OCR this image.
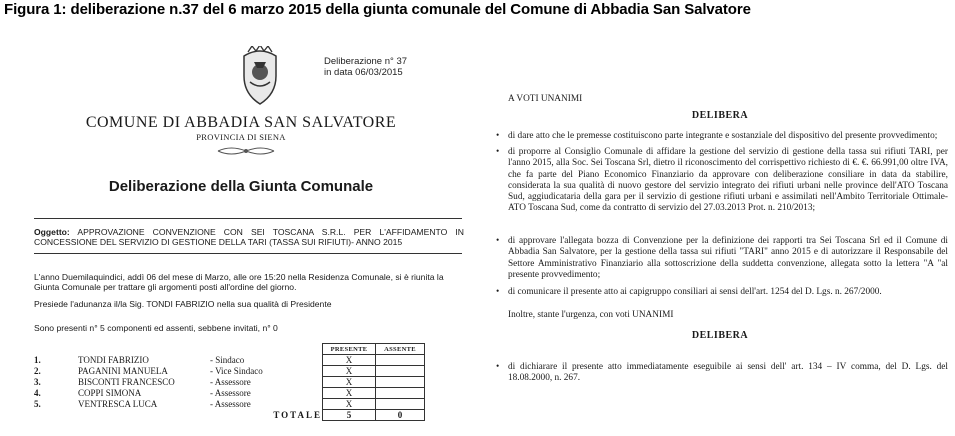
Figura 1: deliberazione n.37 del 6 marzo 2015 della giunta comunale del Comune di Abbadia San Salvatore
Deliberazione n° 37
in data 06/03/2015
COMUNE DI ABBADIA SAN SALVATORE
PROVINCIA DI SIENA
Deliberazione della Giunta Comunale
Oggetto: APPROVAZIONE CONVENZIONE CON SEI TOSCANA S.R.L. PER L'AFFIDAMENTO IN CONCESSIONE DEL SERVIZIO DI GESTIONE DELLA TARI (TASSA SUI RIFIUTI)- ANNO 2015
L'anno Duemilaquindici, addì 06 del mese di Marzo, alle ore 15:20 nella Residenza Comunale, si è riunita la Giunta Comunale per trattare gli argomenti posti all'ordine del giorno.
Presiede l'adunanza il/la Sig. TONDI FABRIZIO nella sua qualità di Presidente
Sono presenti n° 5 componenti ed assenti, sebbene invitati, n° 0
			PRESENTE	ASSENTE
1.	TONDI FABRIZIO	- Sindaco	X	
2.	PAGANINI MANUELA	- Vice Sindaco	X	
3.	BISCONTI FRANCESCO	- Assessore	X	
4.	COPPI SIMONA	- Assessore	X	
5.	VENTRESCA LUCA	- Assessore	X	
TOTALE			5	0
A VOTI UNANIMI
DELIBERA
• di dare atto che le premesse costituiscono parte integrante e sostanziale del dispositivo del presente provvedimento;
• di proporre al Consiglio Comunale di affidare la gestione del servizio di gestione della tassa sui rifiuti TARI, per l'anno 2015, alla Soc. Sei Toscana Srl, dietro il riconoscimento del corrispettivo richiesto di €. €. 66.991,00 oltre IVA, che fa parte del Piano Economico Finanziario da approvare con deliberazione consiliare in data da stabilire, considerata la sua qualità di nuovo gestore del servizio integrato dei rifiuti urbani nelle province dell'ATO Toscana Sud, aggiudicataria della gara per il servizio di gestione rifiuti urbani e assimilati nell'Ambito Territoriale Ottimale-ATO Toscana Sud, come da contratto di servizio del 27.03.2013 Prot. n. 210/2013;
• di approvare l'allegata bozza di Convenzione per la definizione dei rapporti tra Sei Toscana Srl ed il Comune di Abbadia San Salvatore, per la gestione della tassa sui rifiuti "TARI" anno 2015 e di autorizzare il Responsabile del Settore Amministrativo Finanziario alla sottoscrizione della suddetta convenzione, allegata sotto la lettera "A "al presente provvedimento;
• di comunicare il presente atto ai capigruppo consiliari ai sensi dell'art. 1254 del D. Lgs. n. 267/2000.
Inoltre, stante l'urgenza, con voti UNANIMI
DELIBERA
• di dichiarare il presente atto immediatamente eseguibile ai sensi dell' art. 134 – IV comma, del D. Lgs. del 18.08.2000, n. 267.
